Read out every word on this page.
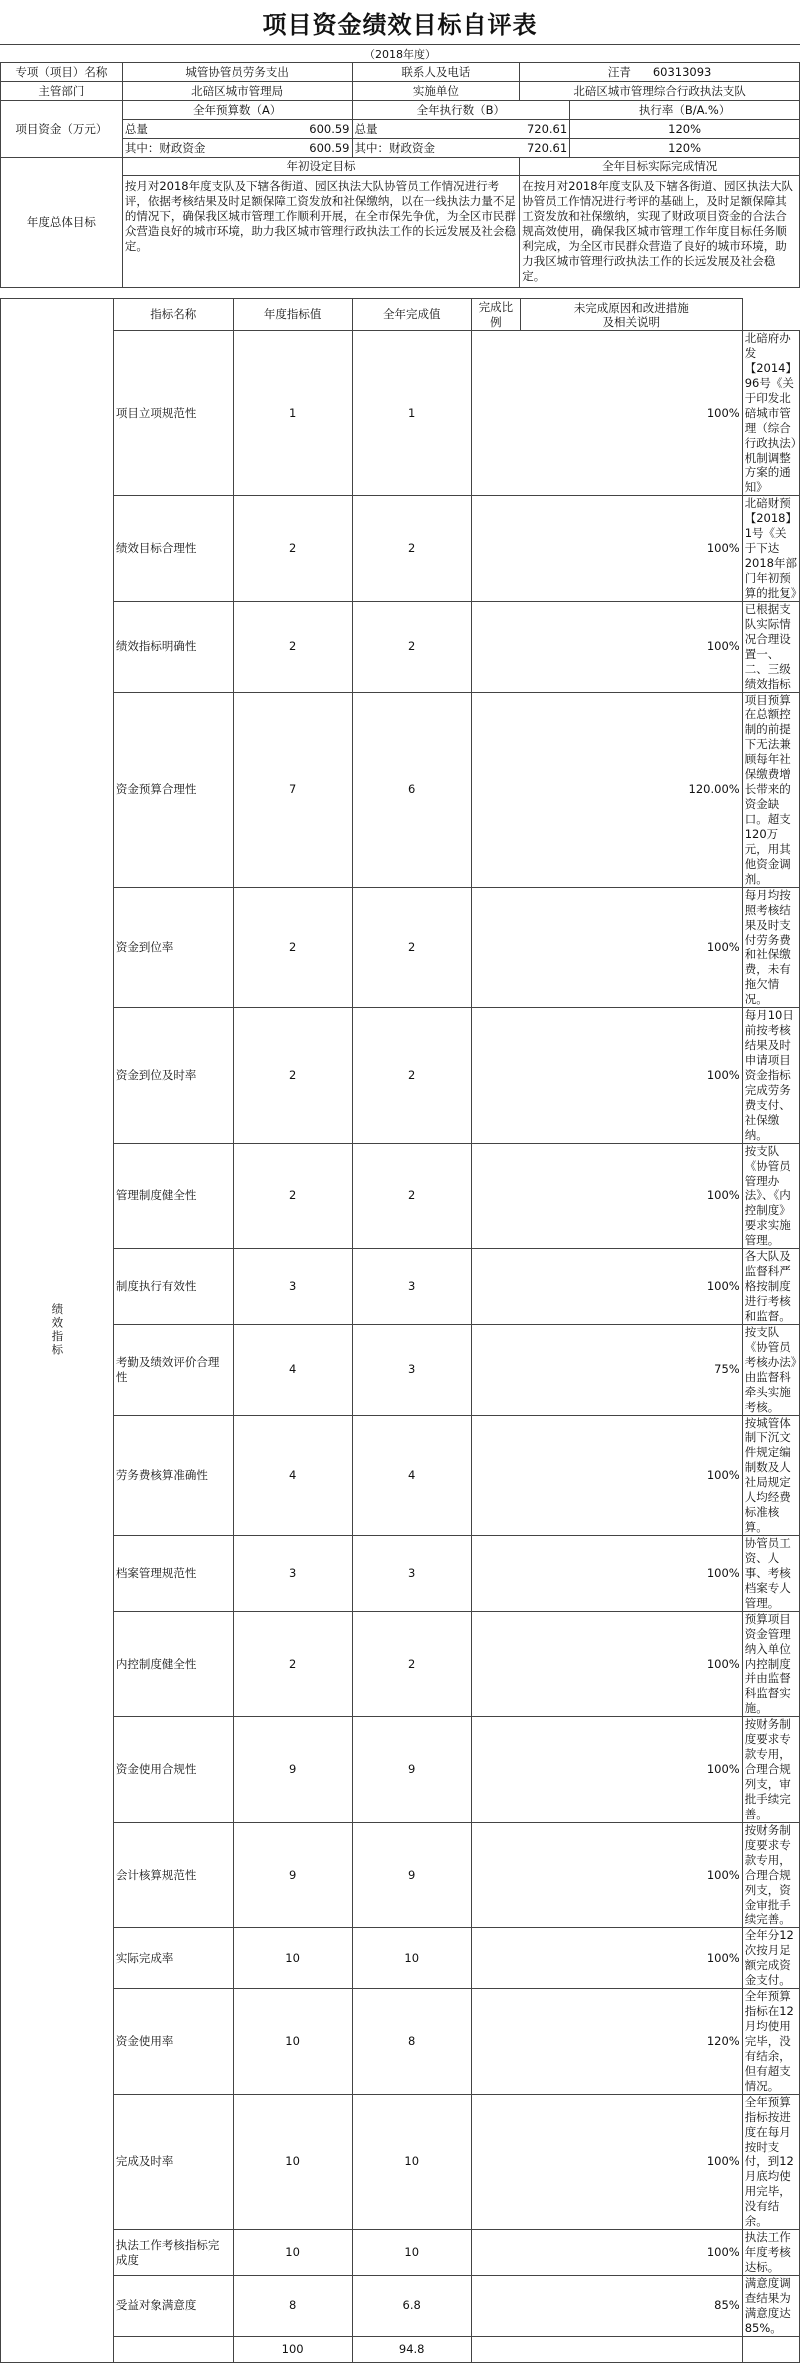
项目资金绩效目标自评表
（2018年度）
专项（项目）名称	城管协管员劳务支出	联系人及电话	汪青      60313093	
主管部门	北碚区城市管理局	实施单位	北碚区城市管理综合行政执法支队	
项目资金（万元）	全年预算数（A）	全年执行数（B）		执行率（B/A.%）

	总量 600.59	总量 720.61		120%

	其中：财政资金 600.59	其中：财政资金 720.61		120%
年度总体目标	年初设定目标		全年目标实际完成情况	
	按月对2018年度支队及下辖各街道、园区执法大队协管员工作情况进行考评，依据考核结果及时足额保障工资发放和社保缴纳，以在一线执法力量不足的情况下，确保我区城市管理工作顺利开展，在全市保先争优，为全区市民群众营造良好的城市环境，助力我区城市管理行政执法工作的长远发展及社会稳定。		在按月对2018年度支队及下辖各街道、园区执法大队协管员工作情况进行考评的基础上，及时足额保障其工资发放和社保缴纳，实现了财政项目资金的合法合规高效使用，确保我区城市管理工作年度目标任务顺利完成，为全区市民群众营造了良好的城市环境，助力我区城市管理行政执法工作的长远发展及社会稳定。	
绩效指标	指标名称	年度指标值	全年完成值	完成比例	未完成原因和改进措施
及相关说明	
	项目立项规范性	1	1	100%		北碚府办发【2014】96号《关于印发北碚城市管理（综合行政执法）机制调整方案的通知》
	绩效目标合理性	2	2	100%		北碚财预【2018】1号《关于下达2018年部门年初预算的批复》
	绩效指标明确性	2	2	100%		已根据支队实际情况合理设置一、二、三级绩效指标
	资金预算合理性	7	6	120.00%		项目预算在总额控制的前提下无法兼顾每年社保缴费增长带来的资金缺口。超支120万元，用其他资金调剂。
	资金到位率	2	2	100%		每月均按照考核结果及时支付劳务费和社保缴费，未有拖欠情况。
	资金到位及时率	2	2	100%		每月10日前按考核结果及时申请项目资金指标完成劳务费支付、社保缴纳。
	管理制度健全性	2	2	100%		按支队《协管员管理办法》、《内控制度》要求实施管理。
	制度执行有效性	3	3	100%		各大队及监督科严格按制度进行考核和监督。
	考勤及绩效评价合理性	4	3	75%		按支队《协管员考核办法》由监督科牵头实施考核。
	劳务费核算准确性	4	4	100%		按城管体制下沉文件规定编制数及人社局规定人均经费标准核算。
	档案管理规范性	3	3	100%		协管员工资、人事、考核档案专人管理。
	内控制度健全性	2	2	100%		预算项目资金管理纳入单位内控制度并由监督科监督实施。
	资金使用合规性	9	9	100%		按财务制度要求专款专用，合理合规列支，审批手续完善。
	会计核算规范性	9	9	100%		按财务制度要求专款专用，合理合规列支，资金审批手续完善。
	实际完成率	10	10	100%		全年分12次按月足额完成资金支付。
	资金使用率	10	8	120%		全年预算指标在12月均使用完毕，没有结余，但有超支情况。
	完成及时率	10	10	100%		全年预算指标按进度在每月按时支付，到12月底均使用完毕，没有结余。
	执法工作考核指标完成度	10	10	100%		执法工作年度考核达标。
	受益对象满意度	8	6.8	85%		满意度调查结果为满意度达85%。
		100	94.8			
